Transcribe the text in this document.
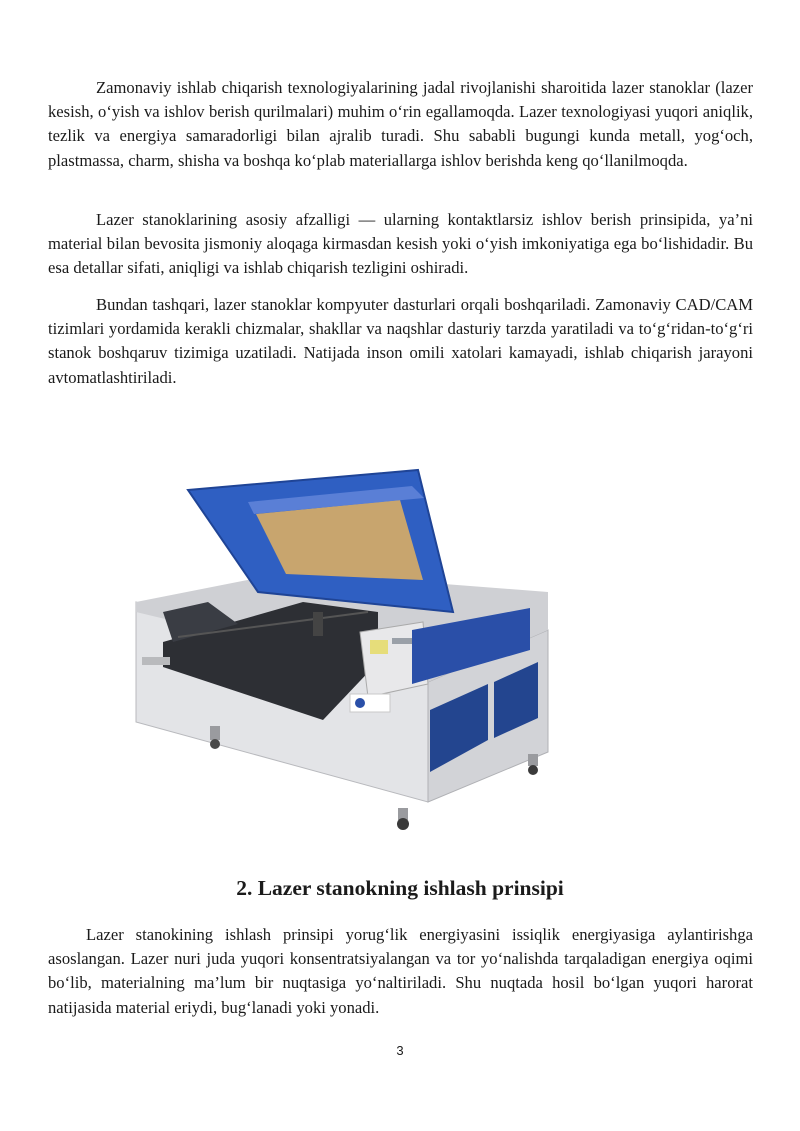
Zamonaviy ishlab chiqarish texnologiyalarining jadal rivojlanishi sharoitida lazer stanoklar (lazer kesish, o‘yish va ishlov berish qurilmalari) muhim o‘rin egallamoqda. Lazer texnologiyasi yuqori aniqlik, tezlik va energiya samaradorligi bilan ajralib turadi. Shu sababli bugungi kunda metall, yog‘och, plastmassa, charm, shisha va boshqa ko‘plab materiallarga ishlov berishda keng qo‘llanilmoqda.

Lazer stanoklarining asosiy afzalligi — ularning kontaktlarsiz ishlov berish prinsipida, ya’ni material bilan bevosita jismoniy aloqaga kirmasdan kesish yoki o‘yish imkoniyatiga ega bo‘lishidadir. Bu esa detallar sifati, aniqligi va ishlab chiqarish tezligini oshiradi.

Bundan tashqari, lazer stanoklar kompyuter dasturlari orqali boshqariladi. Zamonaviy CAD/CAM tizimlari yordamida kerakli chizmalar, shakllar va naqshlar dasturiy tarzda yaratiladi va to‘g‘ridan-to‘g‘ri stanok boshqaruv tizimiga uzatiladi. Natijada inson omili xatolari kamayadi, ishlab chiqarish jarayoni avtomatlashtiriladi.

2. Lazer stanokning ishlash prinsipi

Lazer stanokining ishlash prinsipi yorug‘lik energiyasini issiqlik energiyasiga aylantirishga asoslangan. Lazer nuri juda yuqori konsentratsiyalangan va tor yo‘nalishda tarqaladigan energiya oqimi bo‘lib, materialning ma’lum bir nuqtasiga yo‘naltiriladi. Shu nuqtada hosil bo‘lgan yuqori harorat natijasida material eriydi, bug‘lanadi yoki yonadi.

3
